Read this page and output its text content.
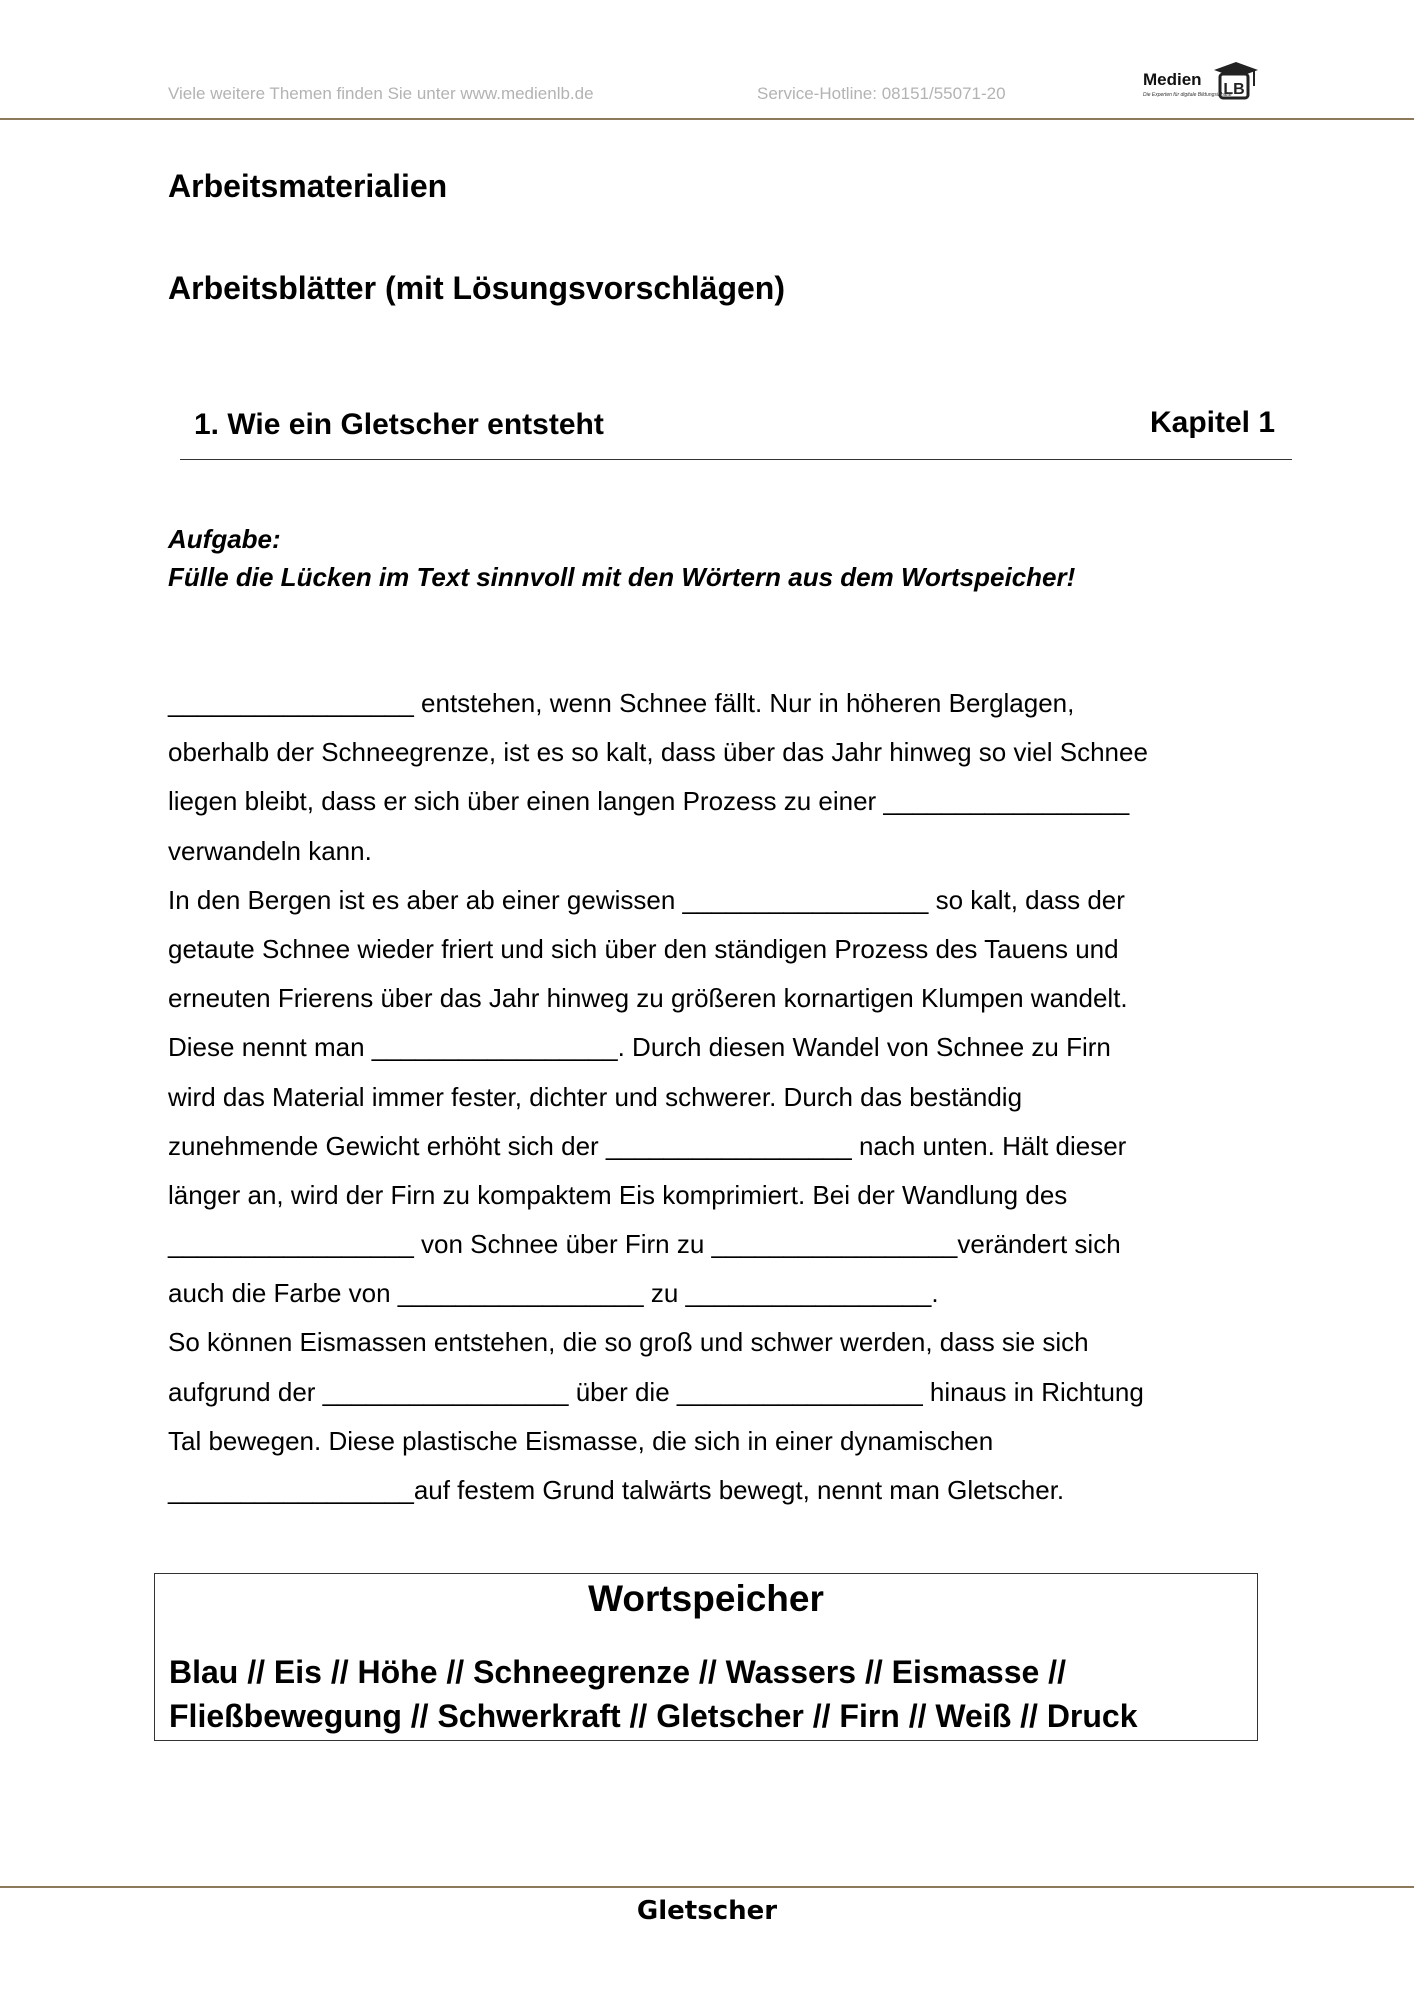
Viele weitere Themen finden Sie unter www.medienlb.de	Service-Hotline: 08151/55071-20
Medien
LB
Die Experten für digitale Bildungsinhalte
Arbeitsmaterialien
Arbeitsblätter (mit Lösungsvorschlägen)
1. Wie ein Gletscher entsteht	Kapitel 1
Aufgabe:
Fülle die Lücken im Text sinnvoll mit den Wörtern aus dem Wortspeicher!
_________________ entstehen, wenn Schnee fällt. Nur in höheren Berglagen,
oberhalb der Schneegrenze, ist es so kalt, dass über das Jahr hinweg so viel Schnee
liegen bleibt, dass er sich über einen langen Prozess zu einer _________________
verwandeln kann.
In den Bergen ist es aber ab einer gewissen _________________ so kalt, dass der
getaute Schnee wieder friert und sich über den ständigen Prozess des Tauens und
erneuten Frierens über das Jahr hinweg zu größeren kornartigen Klumpen wandelt.
Diese nennt man _________________. Durch diesen Wandel von Schnee zu Firn
wird das Material immer fester, dichter und schwerer. Durch das beständig
zunehmende Gewicht erhöht sich der _________________ nach unten. Hält dieser
länger an, wird der Firn zu kompaktem Eis komprimiert. Bei der Wandlung des
_________________ von Schnee über Firn zu _________________verändert sich
auch die Farbe von _________________ zu _________________.
So können Eismassen entstehen, die so groß und schwer werden, dass sie sich
aufgrund der _________________ über die _________________ hinaus in Richtung
Tal bewegen. Diese plastische Eismasse, die sich in einer dynamischen
_________________auf festem Grund talwärts bewegt, nennt man Gletscher.
Wortspeicher
Blau // Eis // Höhe // Schneegrenze // Wassers // Eismasse //
Fließbewegung // Schwerkraft // Gletscher // Firn // Weiß // Druck
Gletscher
